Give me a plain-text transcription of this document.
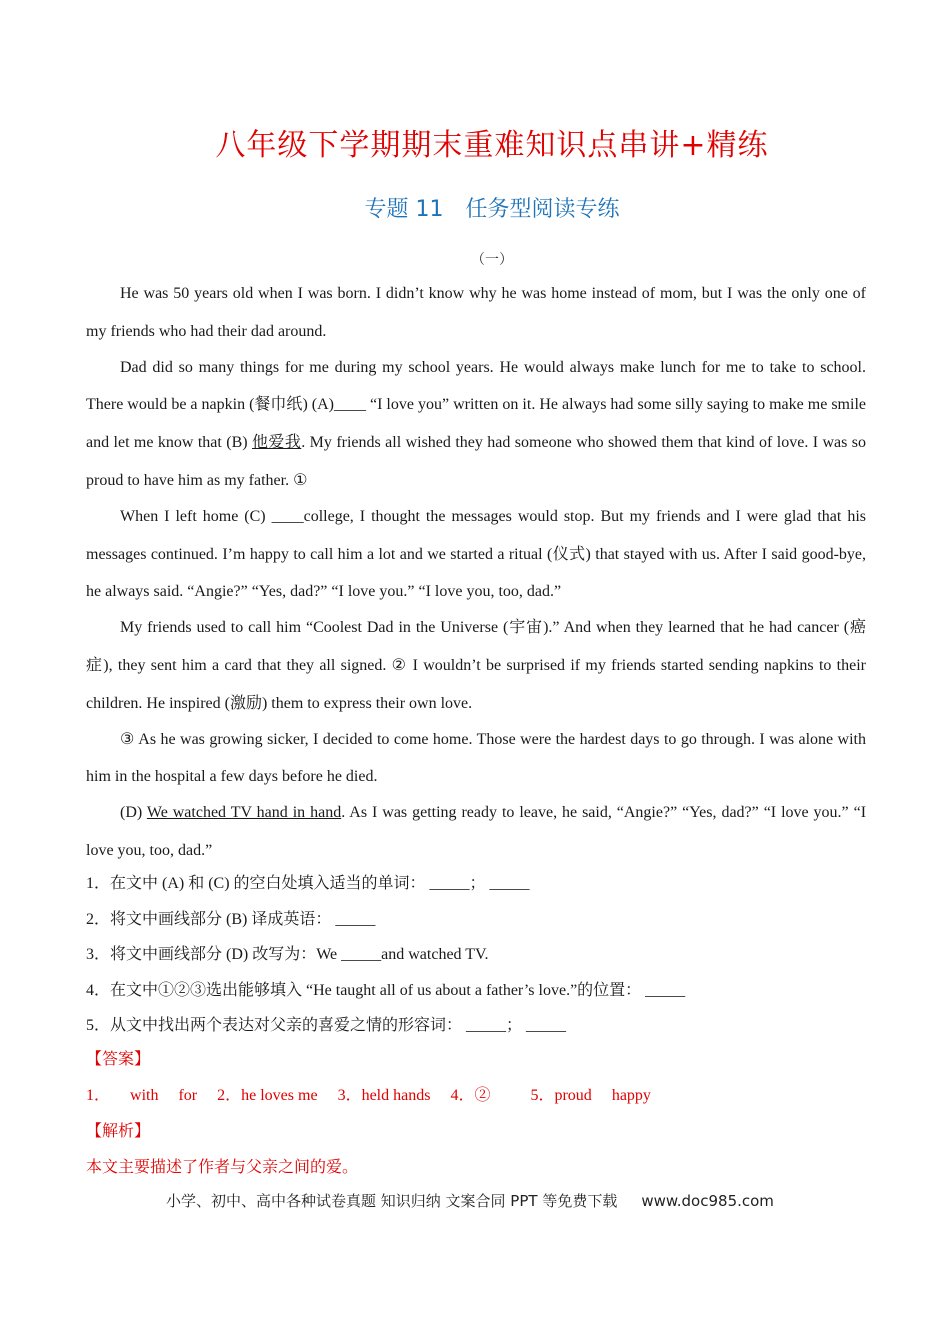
八年级下学期期末重难知识点串讲+精练
专题 11　任务型阅读专练
（一）

He was 50 years old when I was born. I didn’t know why he was home instead of mom, but I was the only one of my friends who had their dad around.

Dad did so many things for me during my school years. He would always make lunch for me to take to school. There would be a napkin (餐巾纸) (A)____ “I love you” written on it. He always had some silly saying to make me smile and let me know that (B) 他爱我. My friends all wished they had someone who showed them that kind of love. I was so proud to have him as my father. ①

When I left home (C) ____college, I thought the messages would stop. But my friends and I were glad that his messages continued. I’m happy to call him a lot and we started a ritual (仪式) that stayed with us. After I said good-bye, he always said. “Angie?” “Yes, dad?” “I love you.” “I love you, too, dad.”

My friends used to call him “Coolest Dad in the Universe (宇宙).” And when they learned that he had cancer (癌症), they sent him a card that they all signed. ② I wouldn’t be surprised if my friends started sending napkins to their children. He inspired (激励) them to express their own love.

③ As he was growing sicker, I decided to come home. Those were the hardest days to go through. I was alone with him in the hospital a few days before he died.

(D) We watched TV hand in hand. As I was getting ready to leave, he said, “Angie?” “Yes, dad?” “I love you.” “I love you, too, dad.”

1．在文中 (A) 和 (C) 的空白处填入适当的单词： _____； _____
2．将文中画线部分 (B) 译成英语： _____
3．将文中画线部分 (D) 改写为：We _____and watched TV.
4．在文中①②③选出能够填入 “He taught all of us about a father’s love.”的位置： _____
5．从文中找出两个表达对父亲的喜爱之情的形容词： _____； _____
【答案】
1． with for 2．he loves me 3．held hands 4．②	5．proud happy
【解析】
本文主要描述了作者与父亲之间的爱。
小学、初中、高中各种试卷真题 知识归纳 文案合同 PPT 等免费下载 www.doc985.com
